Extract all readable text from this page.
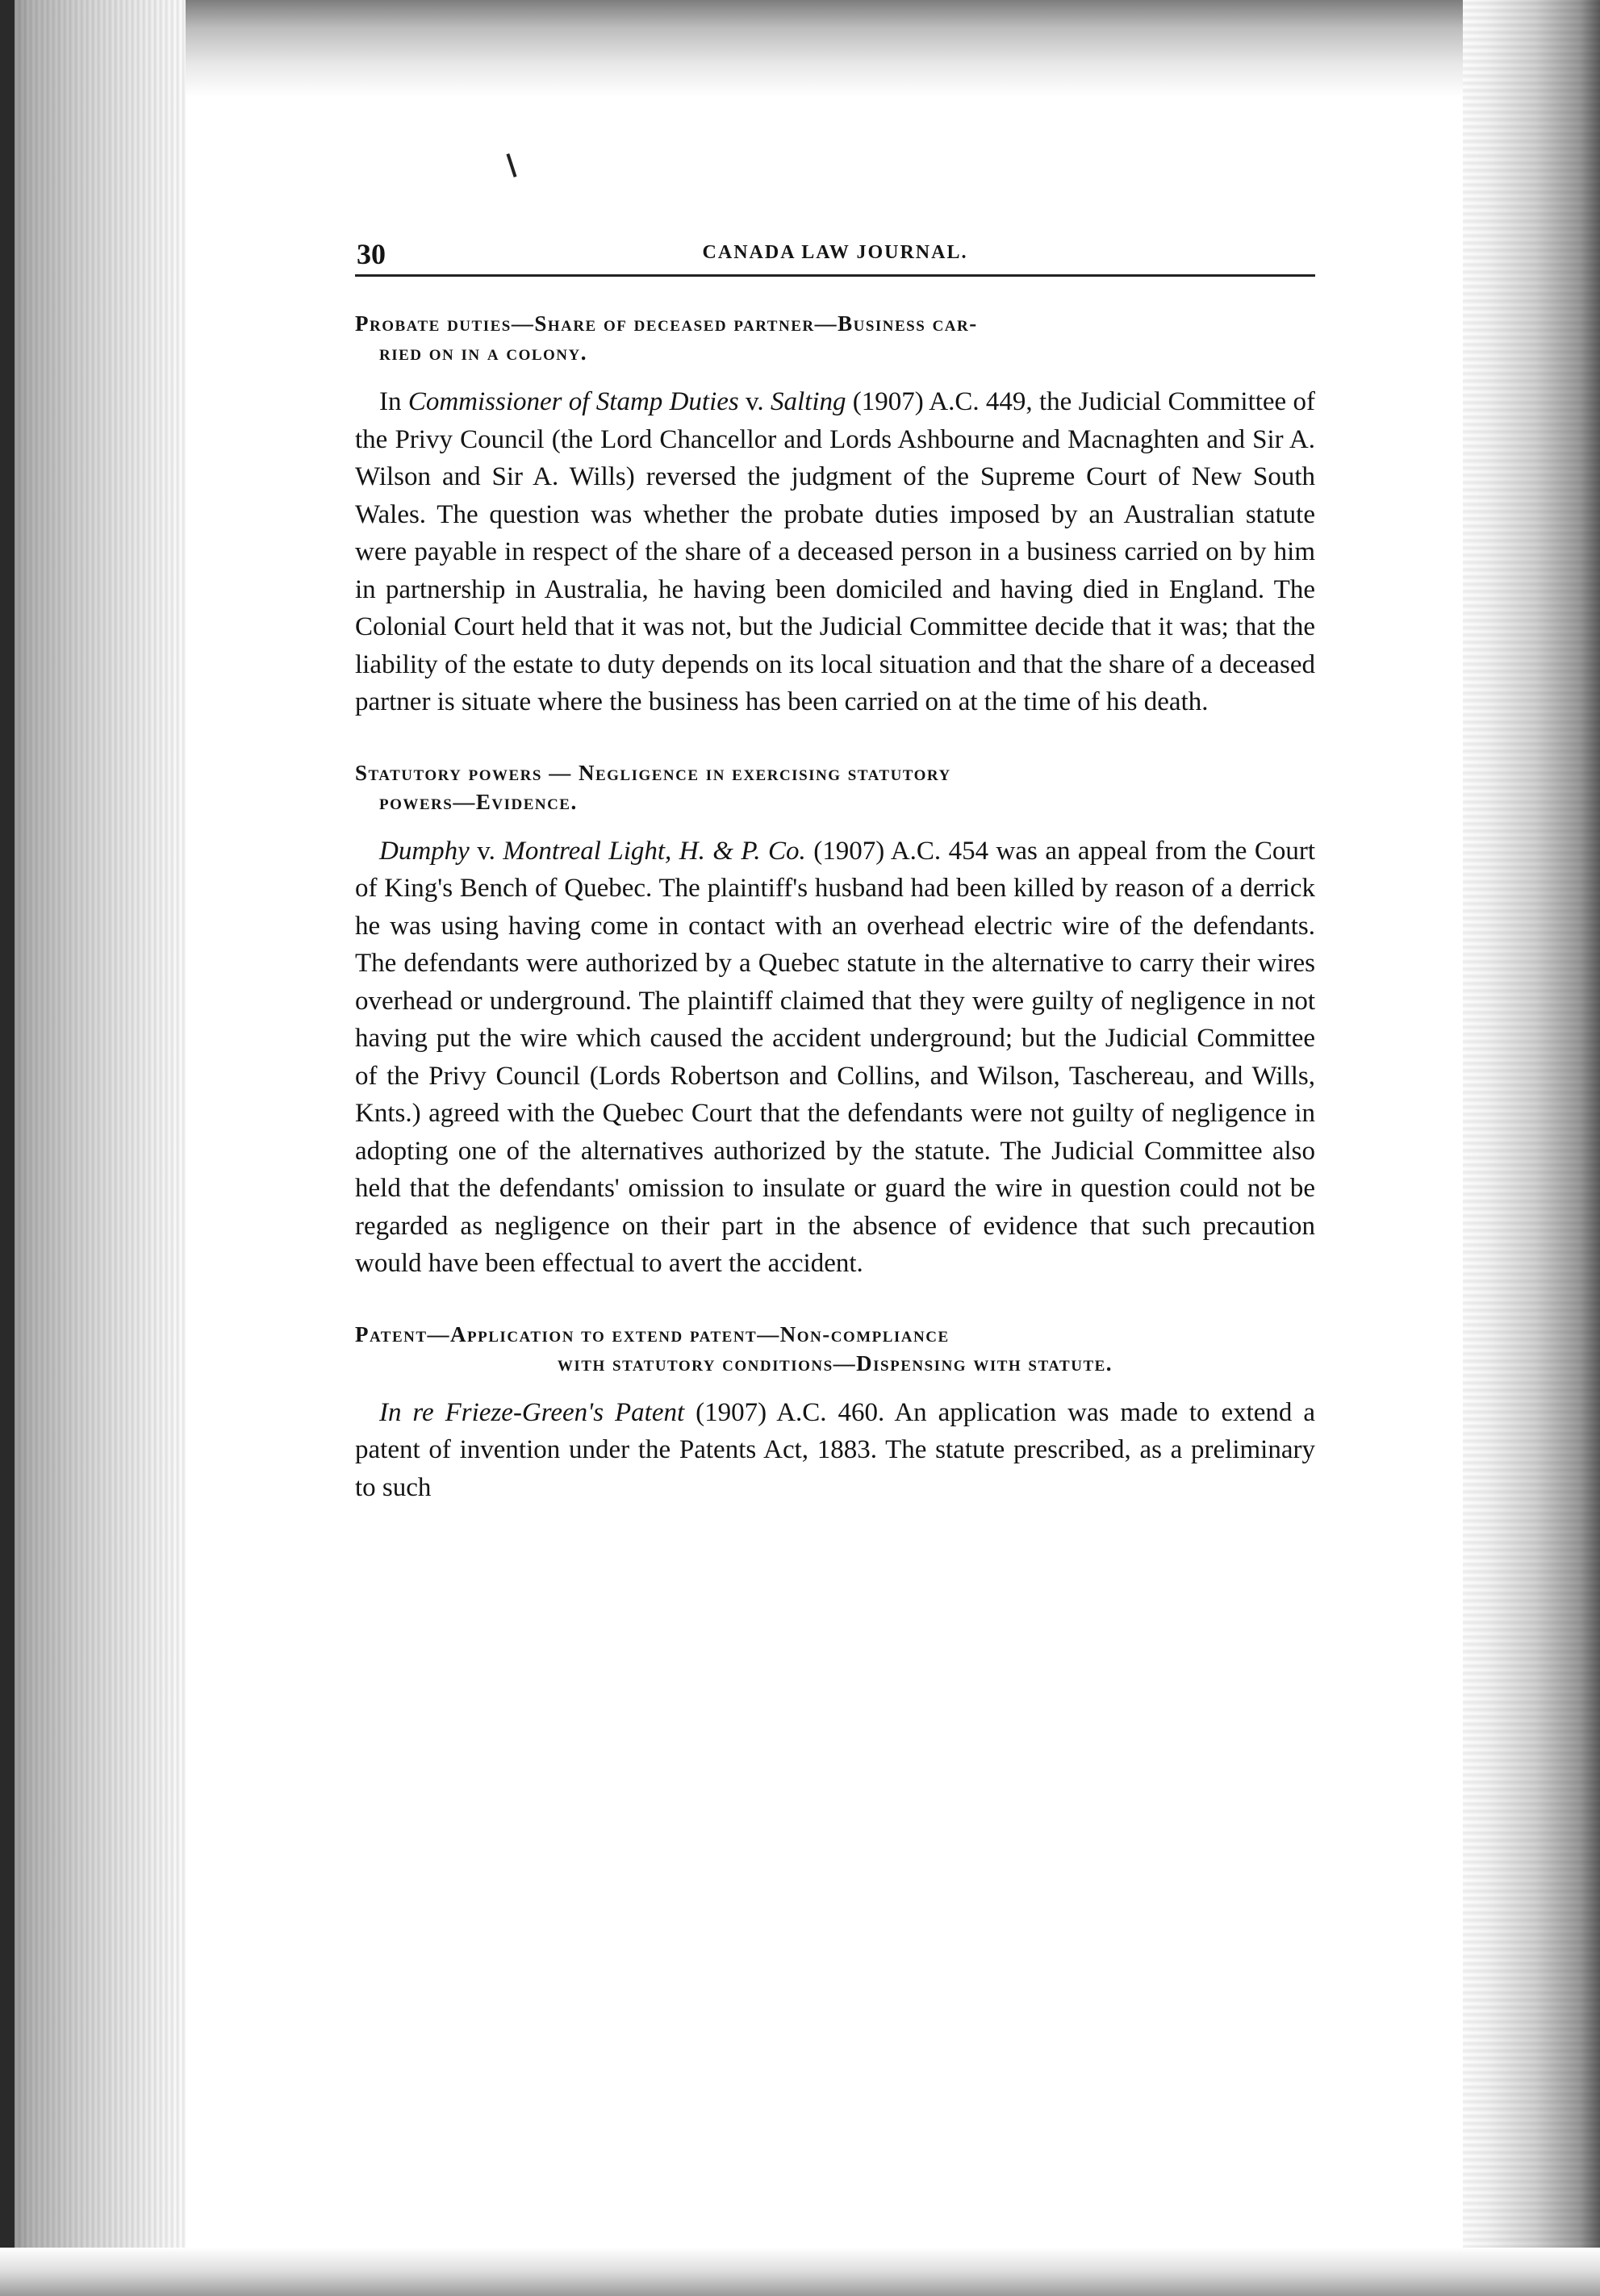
30	CANADA LAW JOURNAL.
Probate duties—Share of deceased partner—Business car-
ried on in a colony.

In Commissioner of Stamp Duties v. Salting (1907) A.C. 449, the Judicial Committee of the Privy Council (the Lord Chancellor and Lords Ashbourne and Macnaghten and Sir A. Wilson and Sir A. Wills) reversed the judgment of the Supreme Court of New South Wales. The question was whether the probate duties imposed by an Australian statute were payable in respect of the share of a deceased person in a business carried on by him in partnership in Australia, he having been domiciled and having died in England. The Colonial Court held that it was not, but the Judicial Committee decide that it was; that the liability of the estate to duty depends on its local situation and that the share of a deceased partner is situate where the business has been carried on at the time of his death.

Statutory powers — Negligence in exercising statutory
powers—Evidence.

Dumphy v. Montreal Light, H. & P. Co. (1907) A.C. 454 was an appeal from the Court of King's Bench of Quebec. The plaintiff's husband had been killed by reason of a derrick he was using having come in contact with an overhead electric wire of the defendants. The defendants were authorized by a Quebec statute in the alternative to carry their wires overhead or underground. The plaintiff claimed that they were guilty of negligence in not having put the wire which caused the accident underground; but the Judicial Committee of the Privy Council (Lords Robertson and Collins, and Wilson, Taschereau, and Wills, Knts.) agreed with the Quebec Court that the defendants were not guilty of negligence in adopting one of the alternatives authorized by the statute. The Judicial Committee also held that the defendants' omission to insulate or guard the wire in question could not be regarded as negligence on their part in the absence of evidence that such precaution would have been effectual to avert the accident.

Patent—Application to extend patent—Non-compliance
with statutory conditions—Dispensing with statute.

In re Frieze-Green's Patent (1907) A.C. 460. An application was made to extend a patent of invention under the Patents Act, 1883. The statute prescribed, as a preliminary to such
